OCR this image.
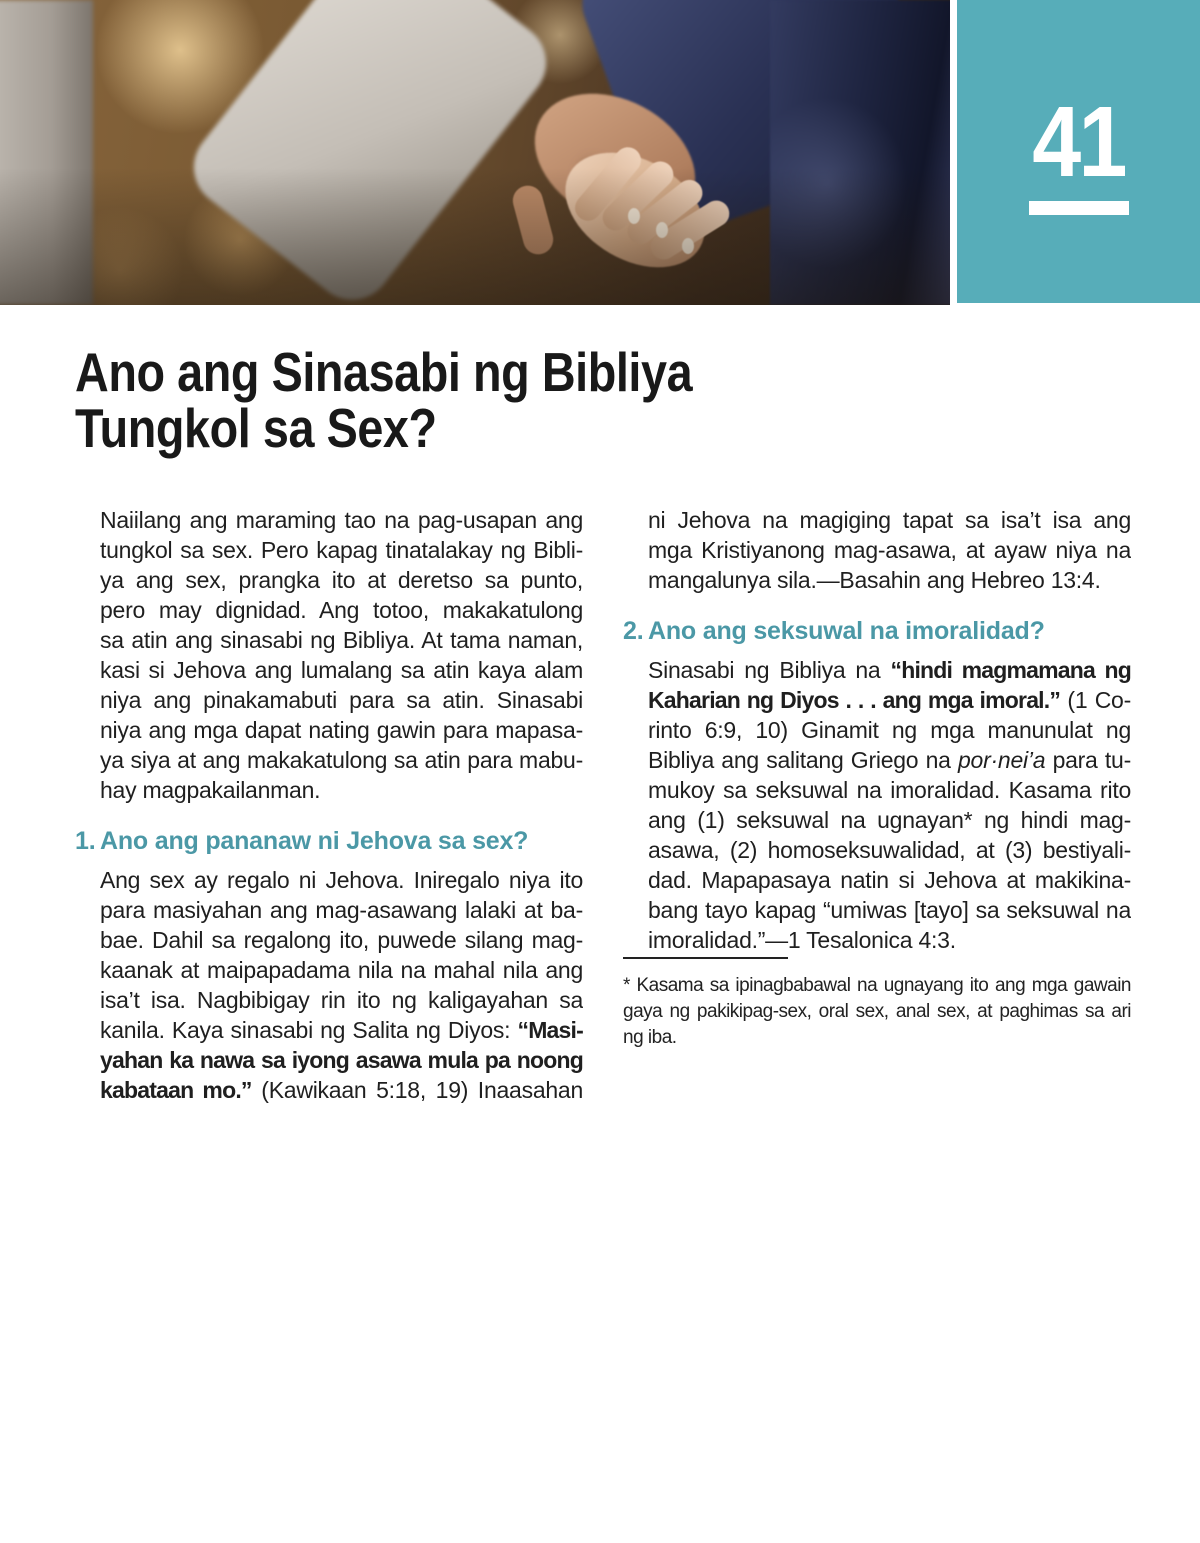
41
Ano ang Sinasabi ng Bibliya
Tungkol sa Sex?
Naiilang ang maraming tao na pag-usapan ang
tungkol sa sex. Pero kapag tinatalakay ng Bibli-
ya ang sex, prangka ito at deretso sa punto,
pero may dignidad. Ang totoo, makakatulong
sa atin ang sinasabi ng Bibliya. At tama naman,
kasi si Jehova ang lumalang sa atin kaya alam
niya ang pinakamabuti para sa atin. Sinasabi
niya ang mga dapat nating gawin para mapasa-
ya siya at ang makakatulong sa atin para mabu-
hay magpakailanman.
1. Ano ang pananaw ni Jehova sa sex?
Ang sex ay regalo ni Jehova. Iniregalo niya ito
para masiyahan ang mag-asawang lalaki at ba-
bae. Dahil sa regalong ito, puwede silang mag-
kaanak at maipapadama nila na mahal nila ang
isa’t isa. Nagbibigay rin ito ng kaligayahan sa
kanila. Kaya sinasabi ng Salita ng Diyos: “Masi-
yahan ka nawa sa iyong asawa mula pa noong
kabataan mo.” (Kawikaan 5:18, 19) Inaasahan
ni Jehova na magiging tapat sa isa’t isa ang
mga Kristiyanong mag-asawa, at ayaw niya na
mangalunya sila.—Basahin ang Hebreo 13:4.
2. Ano ang seksuwal na imoralidad?
Sinasabi ng Bibliya na “hindi magmamana ng
Kaharian ng Diyos . . . ang mga imoral.” (1 Co-
rinto 6:9, 10) Ginamit ng mga manunulat ng
Bibliya ang salitang Griego na por·nei’a para tu-
mukoy sa seksuwal na imoralidad. Kasama rito
ang (1) seksuwal na ugnayan* ng hindi mag-
asawa, (2) homoseksuwalidad, at (3) bestiyali-
dad. Mapapasaya natin si Jehova at makikina-
bang tayo kapag “umiwas [tayo] sa seksuwal na
imoralidad.”—1 Tesalonica 4:3.
* Kasama sa ipinagbabawal na ugnayang ito ang mga gawain
gaya ng pakikipag-sex, oral sex, anal sex, at paghimas sa ari
ng iba.
